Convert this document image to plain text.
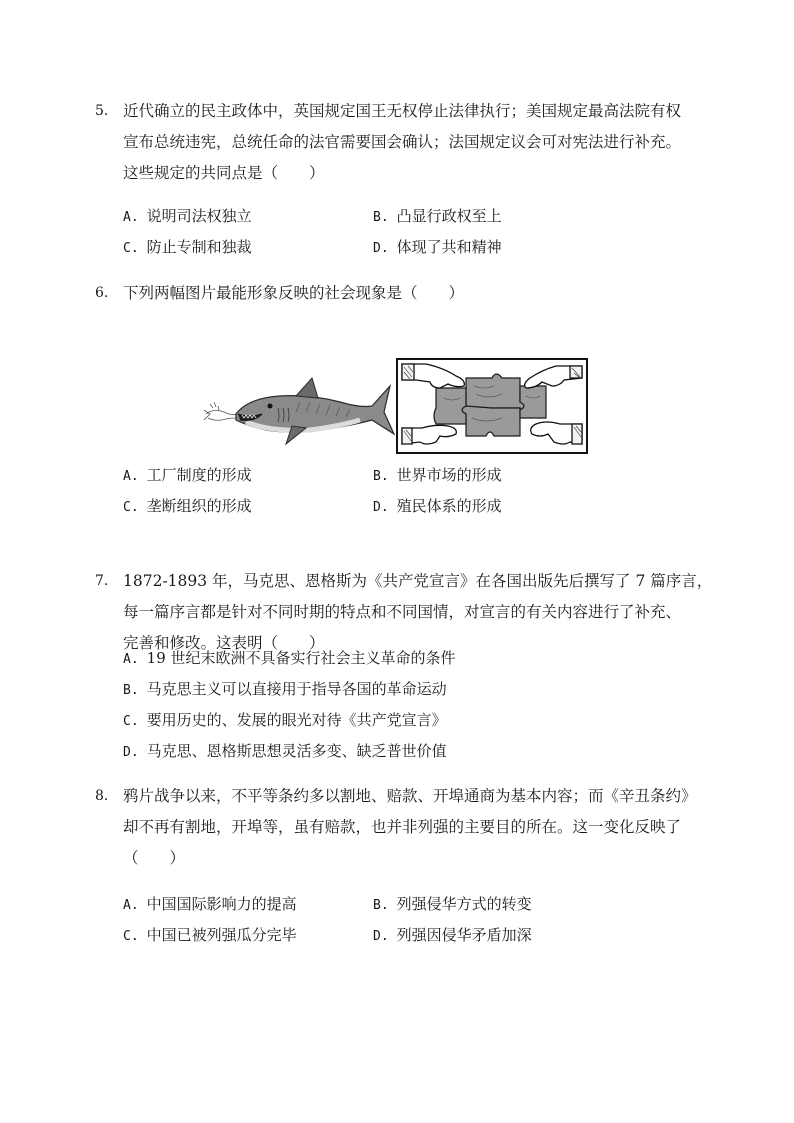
5. 近代确立的民主政体中，英国规定国王无权停止法律执行；美国规定最高法院有权
宣布总统违宪，总统任命的法官需要国会确认；法国规定议会可对宪法进行补充。
这些规定的共同点是（　　）
A. 说明司法权独立	B. 凸显行政权至上
C. 防止专制和独裁	D. 体现了共和精神
6. 下列两幅图片最能形象反映的社会现象是（　　）
A. 工厂制度的形成	B. 世界市场的形成
C. 垄断组织的形成	D. 殖民体系的形成
7. 1872-1893 年，马克思、恩格斯为《共产党宣言》在各国出版先后撰写了 7 篇序言，
每一篇序言都是针对不同时期的特点和不同国情，对宣言的有关内容进行了补充、
完善和修改。这表明（　　）
A. 19 世纪末欧洲不具备实行社会主义革命的条件
B. 马克思主义可以直接用于指导各国的革命运动
C. 要用历史的、发展的眼光对待《共产党宣言》
D. 马克思、恩格斯思想灵活多变、缺乏普世价值
8. 鸦片战争以来，不平等条约多以割地、赔款、开埠通商为基本内容；而《辛丑条约》
却不再有割地，开埠等，虽有赔款，也并非列强的主要目的所在。这一变化反映了
（　　）
A. 中国国际影响力的提高	B. 列强侵华方式的转变
C. 中国已被列强瓜分完毕	D. 列强因侵华矛盾加深
